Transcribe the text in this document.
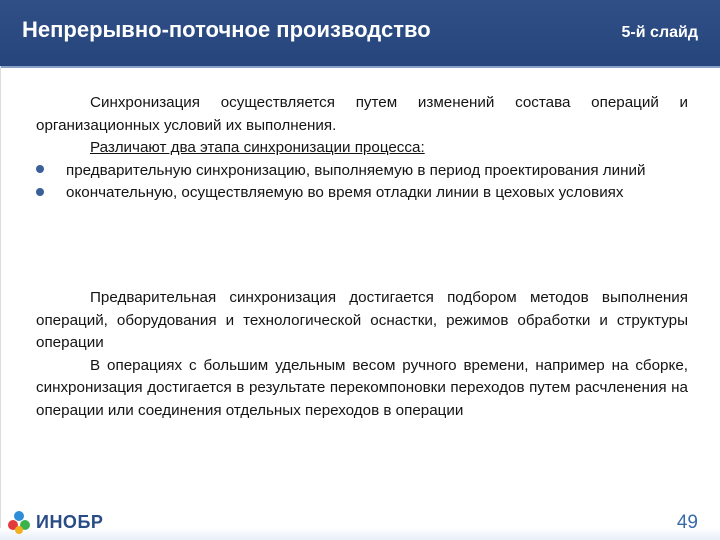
Непрерывно-поточное производство	5-й слайд

Синхронизация осуществляется путем изменений состава операций и организационных условий их выполнения.

Различают два этапа синхронизации процесса:

предварительную синхронизацию, выполняемую в период проектирования линий

окончательную, осуществляемую во время отладки линии в цеховых условиях

Предварительная синхронизация достигается подбором методов выполнения операций, оборудования и технологической оснастки, режимов обработки и структуры операции

В операциях с большим удельным весом ручного времени, например на сборке, синхронизация достигается в результате перекомпоновки переходов путем расчленения на операции или соединения отдельных переходов в операции

ИНОБР	49
